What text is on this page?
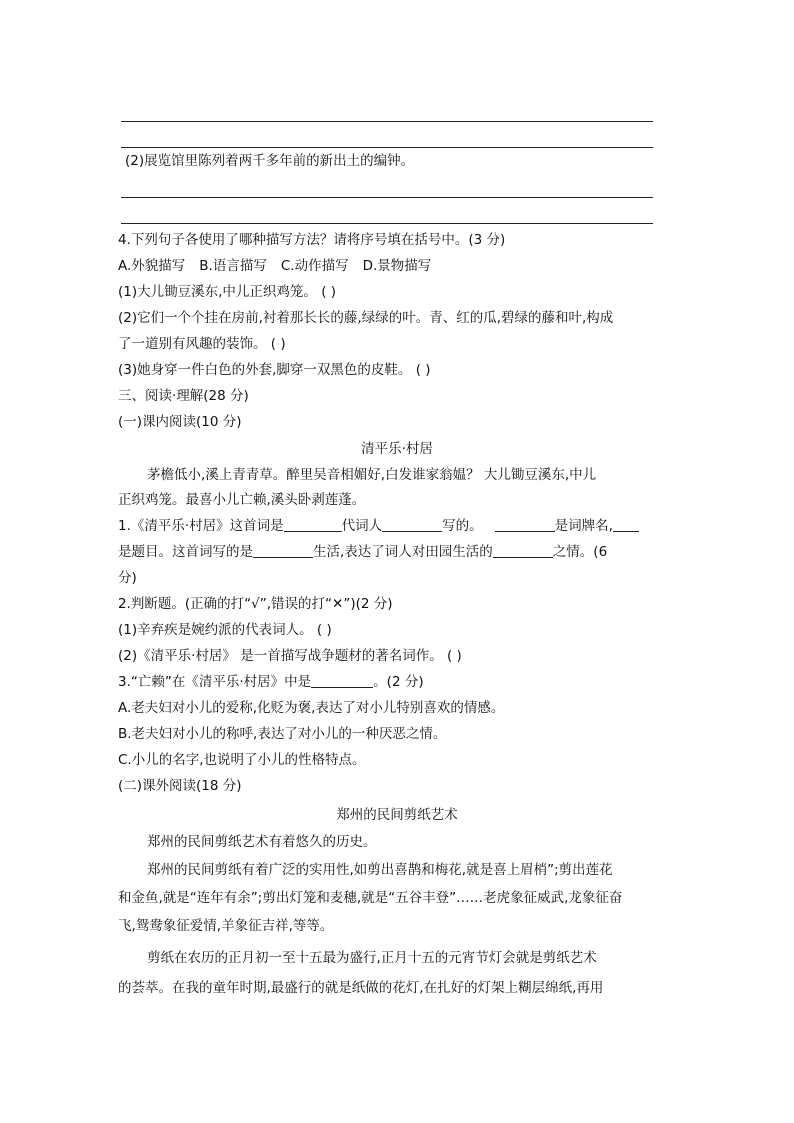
(2)展览馆里陈列着两千多年前的新出土的编钟。
4.下列句子各使用了哪种描写方法？请将序号填在括号中。(3 分)
A.外貌描写 B.语言描写 C.动作描写 D.景物描写
(1)大儿锄豆溪东,中儿正织鸡笼。 ( )
(2)它们一个个挂在房前,衬着那长长的藤,绿绿的叶。青、红的瓜,碧绿的藤和叶,构成
了一道别有风趣的装饰。 ( )
(3)她身穿一件白色的外套,脚穿一双黑色的皮鞋。 ( )
三、阅读·理解(28 分)
(一)课内阅读(10 分)
清平乐·村居
茅檐低小,溪上青青草。醉里吴音相媚好,白发谁家翁媪？ 大儿锄豆溪东,中儿
正织鸡笼。最喜小儿亡赖,溪头卧剥莲蓬。
1.《清平乐·村居》这首词是	代词人	写的。	是词牌名,
是题目。这首词写的是	生活,表达了词人对田园生活的	之情。(6
分)
2.判断题。(正确的打“√”,错误的打“✕”)(2 分)
(1)辛弃疾是婉约派的代表词人。 ( )
(2)《清平乐·村居》 是一首描写战争题材的著名词作。 ( )
3.“亡赖”在《清平乐·村居》中是	。(2 分)
A.老夫妇对小儿的爱称,化贬为褒,表达了对小儿特别喜欢的情感。
B.老夫妇对小儿的称呼,表达了对小儿的一种厌恶之情。
C.小儿的名字,也说明了小儿的性格特点。
(二)课外阅读(18 分)
郑州的民间剪纸艺术
郑州的民间剪纸艺术有着悠久的历史。
郑州的民间剪纸有着广泛的实用性,如剪出喜鹊和梅花,就是喜上眉梢”;剪出莲花
和金鱼,就是“连年有余”;剪出灯笼和麦穗,就是“五谷丰登”……老虎象征威武,龙象征奋
飞,鸳鸯象征爱情,羊象征吉祥,等等。
剪纸在农历的正月初一至十五最为盛行,正月十五的元宵节灯会就是剪纸艺术
的荟萃。在我的童年时期,最盛行的就是纸做的花灯,在扎好的灯架上糊层绵纸,再用
